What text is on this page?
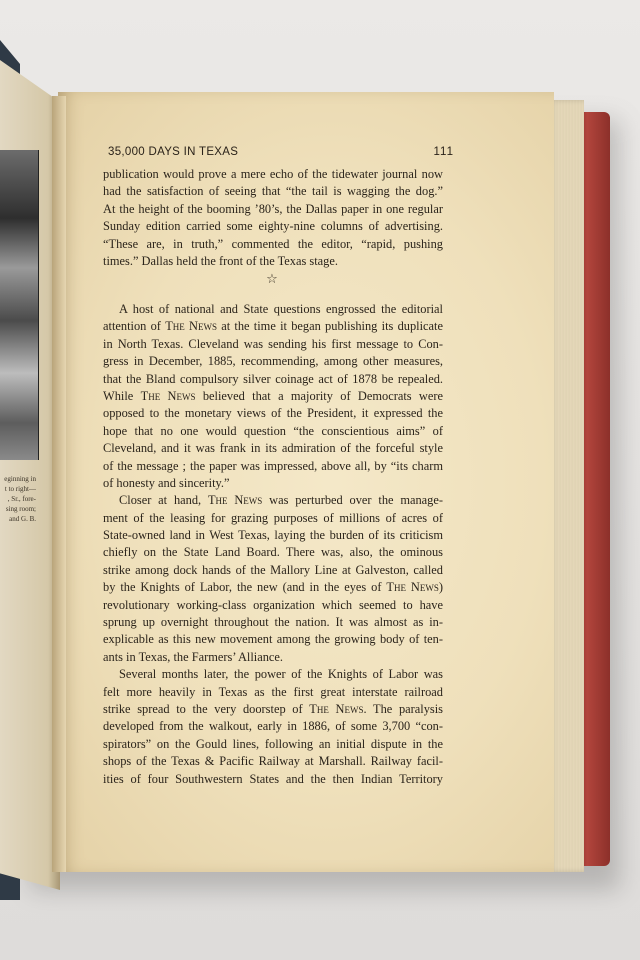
eginning in
t to right—
, Sr., fore-
sing room;
and G. B.
35,000 DAYS IN TEXAS	111
publication would prove a mere echo of the tidewater journal now
had the satisfaction of seeing that “the tail is wagging the dog.”
At the height of the booming ’80’s, the Dallas paper in one regular
Sunday edition carried some eighty-nine columns of advertising.
“These are, in truth,” commented the editor, “rapid, pushing
times.” Dallas held the front of the Texas stage.
☆
A host of national and State questions engrossed the editorial
attention of The News at the time it began publishing its duplicate
in North Texas. Cleveland was sending his first message to Con-
gress in December, 1885, recommending, among other measures,
that the Bland compulsory silver coinage act of 1878 be repealed.
While The News believed that a majority of Democrats were
opposed to the monetary views of the President, it expressed the
hope that no one would question “the conscientious aims” of
Cleveland, and it was frank in its admiration of the forceful style
of the message ; the paper was impressed, above all, by “its charm
of honesty and sincerity.”
Closer at hand, The News was perturbed over the manage-
ment of the leasing for grazing purposes of millions of acres of
State-owned land in West Texas, laying the burden of its criticism
chiefly on the State Land Board. There was, also, the ominous
strike among dock hands of the Mallory Line at Galveston, called
by the Knights of Labor, the new (and in the eyes of The News)
revolutionary working-class organization which seemed to have
sprung up overnight throughout the nation. It was almost as in-
explicable as this new movement among the growing body of ten-
ants in Texas, the Farmers’ Alliance.
Several months later, the power of the Knights of Labor was
felt more heavily in Texas as the first great interstate railroad
strike spread to the very doorstep of The News. The paralysis
developed from the walkout, early in 1886, of some 3,700 “con-
spirators” on the Gould lines, following an initial dispute in the
shops of the Texas & Pacific Railway at Marshall. Railway facil-
ities of four Southwestern States and the then Indian Territory
